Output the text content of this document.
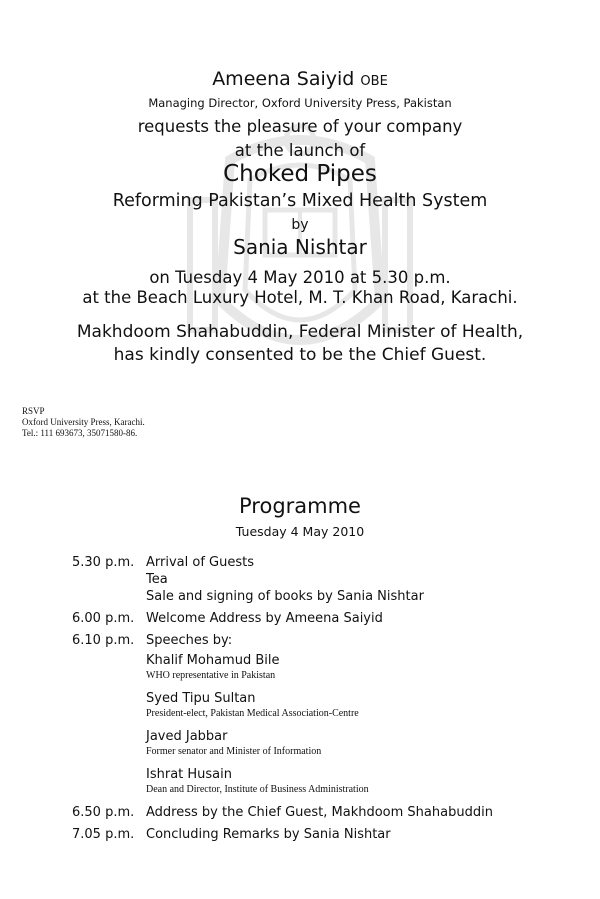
Ameena Saiyid OBE
Managing Director, Oxford University Press, Pakistan
requests the pleasure of your company
at the launch of
Choked Pipes
Reforming Pakistan’s Mixed Health System
by
Sania Nishtar
on Tuesday 4 May 2010 at 5.30 p.m.
at the Beach Luxury Hotel, M. T. Khan Road, Karachi.
Makhdoom Shahabuddin, Federal Minister of Health,
has kindly consented to be the Chief Guest.
RSVP
Oxford University Press, Karachi.
Tel.: 111 693673, 35071580-86.
Programme
Tuesday 4 May 2010
5.30 p.m. Arrival of Guests
Tea
Sale and signing of books by Sania Nishtar
6.00 p.m. Welcome Address by Ameena Saiyid
6.10 p.m. Speeches by:
Khalif Mohamud Bile
WHO representative in Pakistan
Syed Tipu Sultan
President-elect, Pakistan Medical Association-Centre
Javed Jabbar
Former senator and Minister of Information
Ishrat Husain
Dean and Director, Institute of Business Administration
6.50 p.m. Address by the Chief Guest, Makhdoom Shahabuddin
7.05 p.m. Concluding Remarks by Sania Nishtar
